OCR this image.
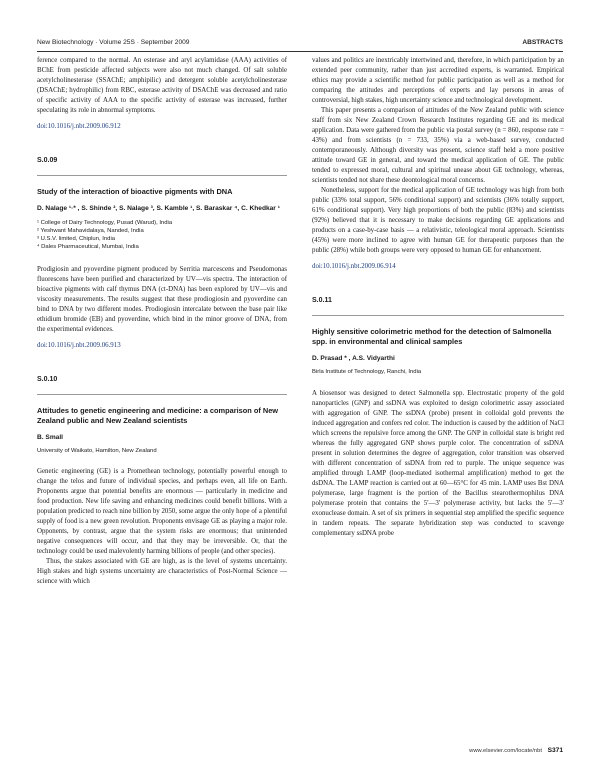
New Biotechnology · Volume 25S · September 2009	ABSTRACTS

ference compared to the normal. An esterase and aryl acylamidase (AAA) activities of BChE from pesticide affected subjects were also not much changed. Of salt soluble acetylcholinesterase (SSAChE; amphipilic) and detergent soluble acetylcholinesterase (DSAChE; hydrophilic) from RBC, esterase activity of DSAChE was decreased and ratio of specific activity of AAA to the specific activity of esterase was increased, further speculating its role in abnormal symptoms.

doi:10.1016/j.nbt.2009.06.912
S.0.09
Study of the interaction of bioactive pigments with DNA
D. Nalage ¹·* , S. Shinde ², S. Nalage ³, S. Kamble ¹, S. Baraskar ⁴, C. Khedkar ¹
¹ College of Dairy Technology, Pusad (Warud), India
² Yeshwant Mahavidalaya, Nanded, India
³ U.S.V. limited, Chiplun, India
⁴ Dales Pharmaceutical, Mumbai, India

Prodigiosin and pyoverdine pigment produced by Serritia marcescens and Pseudomonas fluorescens have been purified and characterized by UV—vis spectra. The interaction of bioactive pigments with calf thymus DNA (ct-DNA) has been explored by UV—vis and viscosity measurements. The results suggest that these prodiogiosin and pyoverdine can bind to DNA by two different modes. Prodiogiosin intercalate between the base pair like ethidium bromide (EB) and pyoverdine, which bind in the minor groove of DNA, from the experimental evidences.

doi:10.1016/j.nbt.2009.06.913
S.0.10
Attitudes to genetic engineering and medicine: a comparison of New Zealand public and New Zealand scientists
B. Small
University of Waikato, Hamilton, New Zealand

Genetic engineering (GE) is a Promethean technology, potentially powerful enough to change the telos and future of individual species, and perhaps even, all life on Earth. Proponents argue that potential benefits are enormous — particularly in medicine and food production. New life saving and enhancing medicines could benefit billions. With a population predicted to reach nine billion by 2050, some argue the only hope of a plentiful supply of food is a new green revolution. Proponents envisage GE as playing a major role. Opponents, by contrast, argue that the system risks are enormous; that unintended negative consequences will occur, and that they may be irreversible. Or, that the technology could be used malevolently harming billions of people (and other species).

Thus, the stakes associated with GE are high, as is the level of systems uncertainty. High stakes and high systems uncertainty are characteristics of Post-Normal Science — science with which

values and politics are inextricably intertwined and, therefore, in which participation by an extended peer community, rather than just accredited experts, is warranted. Empirical ethics may provide a scientific method for public participation as well as a method for comparing the attitudes and perceptions of experts and lay persons in areas of controversial, high stakes, high uncertainty science and technological development.

This paper presents a comparison of attitudes of the New Zealand public with science staff from six New Zealand Crown Research Institutes regarding GE and its medical application. Data were gathered from the public via postal survey (n = 860, response rate = 43%) and from scientists (n = 733, 35%) via a web-based survey, conducted contemporaneously. Although diversity was present, science staff held a more positive attitude toward GE in general, and toward the medical application of GE. The public tended to expressed moral, cultural and spiritual unease about GE technology, whereas, scientists tended not share these deontological moral concerns.

Nonetheless, support for the medical application of GE technology was high from both public (33% total support, 56% conditional support) and scientists (36% totally support, 61% conditional support). Very high proportions of both the public (83%) and scientists (92%) believed that it is necessary to make decisions regarding GE applications and products on a case-by-case basis — a relativistic, teleological moral approach. Scientists (45%) were more inclined to agree with human GE for therapeutic purposes than the public (28%) while both groups were very opposed to human GE for enhancement.

doi:10.1016/j.nbt.2009.06.914
S.0.11
Highly sensitive colorimetric method for the detection of Salmonella spp. in environmental and clinical samples
D. Prasad * , A.S. Vidyarthi
Birla Institute of Technology, Ranchi, India

A biosensor was designed to detect Salmonella spp. Electrostatic property of the gold nanoparticles (GNP) and ssDNA was exploited to design colorimetric assay associated with aggregation of GNP. The ssDNA (probe) present in colloidal gold prevents the induced aggregation and confers red color. The induction is caused by the addition of NaCl which screens the repulsive force among the GNP. The GNP in colloidal state is bright red whereas the fully aggregated GNP shows purple color. The concentration of ssDNA present in solution determines the degree of aggregation, color transition was observed with different concentration of ssDNA from red to purple. The unique sequence was amplified through LAMP (loop-mediated isothermal amplification) method to get the dsDNA. The LAMP reaction is carried out at 60—65°C for 45 min. LAMP uses Bst DNA polymerase, large fragment is the portion of the Bacillus stearothermophilus DNA polymerase protein that contains the 5'—3' polymerase activity, but lacks the 5'—3' exonuclease domain. A set of six primers in sequential step amplified the specific sequence in tandem repeats. The separate hybridization step was conducted to scavenge complementary ssDNA probe

www.elsevier.com/locate/nbt S371
